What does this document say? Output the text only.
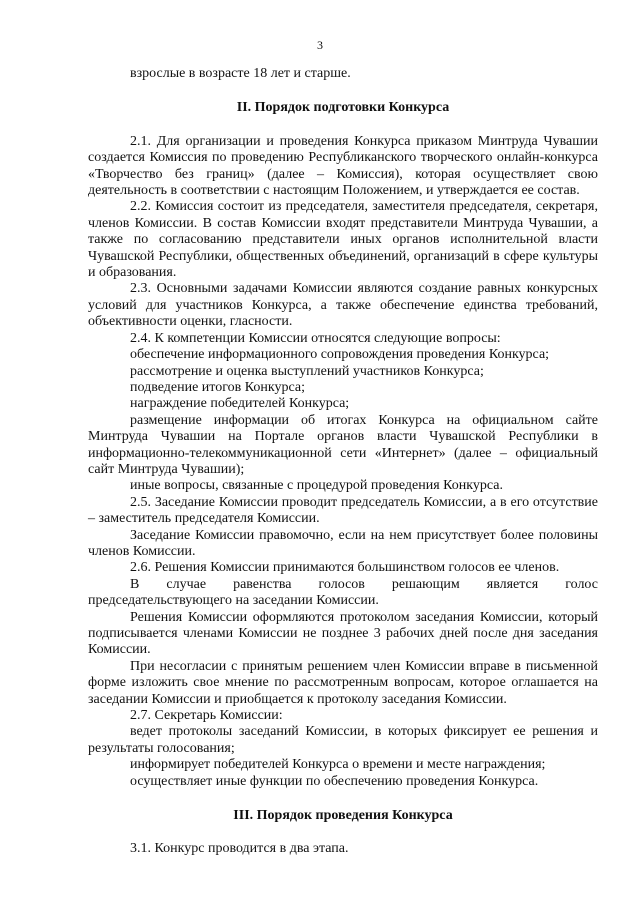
3

взрослые в возрасте 18 лет и старше.

II. Порядок подготовки Конкурса

2.1. Для организации и проведения Конкурса приказом Минтруда Чувашии создается Комиссия по проведению Республиканского творческого онлайн-конкурса «Творчество без границ» (далее – Комиссия), которая осуществляет свою деятельность в соответствии с настоящим Положением, и утверждается ее состав.

2.2. Комиссия состоит из председателя, заместителя председателя, секретаря, членов Комиссии. В состав Комиссии входят представители Минтруда Чувашии, а также по согласованию представители иных органов исполнительной власти Чувашской Республики, общественных объединений, организаций в сфере культуры и образования.

2.3. Основными задачами Комиссии являются создание равных конкурсных условий для участников Конкурса, а также обеспечение единства требований, объективности оценки, гласности.

2.4. К компетенции Комиссии относятся следующие вопросы:

обеспечение информационного сопровождения проведения Конкурса;

рассмотрение и оценка выступлений участников Конкурса;

подведение итогов Конкурса;

награждение победителей Конкурса;

размещение информации об итогах Конкурса на официальном сайте Минтруда Чувашии на Портале органов власти Чувашской Республики в информационно-телекоммуникационной сети «Интернет» (далее – официальный сайт Минтруда Чувашии);

иные вопросы, связанные с процедурой проведения Конкурса.

2.5. Заседание Комиссии проводит председатель Комиссии, а в его отсутствие – заместитель председателя Комиссии.

Заседание Комиссии правомочно, если на нем присутствует более половины членов Комиссии.

2.6. Решения Комиссии принимаются большинством голосов ее членов.

В случае равенства голосов решающим является голос председательствующего на заседании Комиссии.

Решения Комиссии оформляются протоколом заседания Комиссии, который подписывается членами Комиссии не позднее 3 рабочих дней после дня заседания Комиссии.

При несогласии с принятым решением член Комиссии вправе в письменной форме изложить свое мнение по рассмотренным вопросам, которое оглашается на заседании Комиссии и приобщается к протоколу заседания Комиссии.

2.7. Секретарь Комиссии:

ведет протоколы заседаний Комиссии, в которых фиксирует ее решения и результаты голосования;

информирует победителей Конкурса о времени и месте награждения;

осуществляет иные функции по обеспечению проведения Конкурса.

III. Порядок проведения Конкурса

3.1. Конкурс проводится в два этапа.
